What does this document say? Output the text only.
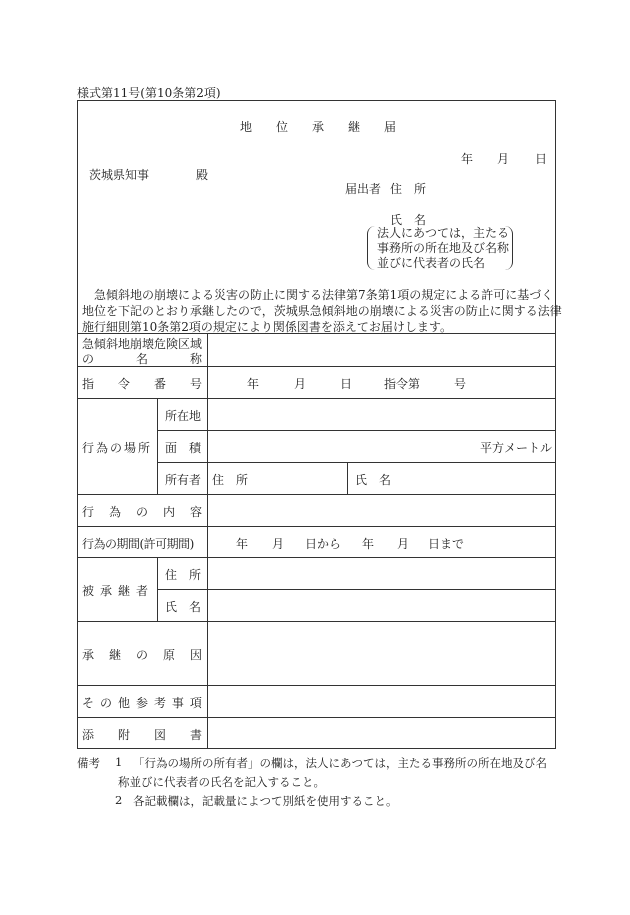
様式第11号(第10条第2項)
地　　位　　承　　継　　届
年 月 日
茨城県知事	殿
届出者 住　所
氏　名
法人にあつては，主たる
事務所の所在地及び名称
並びに代表者の氏名
　急傾斜地の崩壊による災害の防止に関する法律第7条第1項の規定による許可に基づく
地位を下記のとおり承継したので，茨城県急傾斜地の崩壊による災害の防止に関する法律
施行細則第10条第2項の規定により関係図書を添えてお届けします。
急傾斜地崩壊危険区域
の	名	称
指 令 番 号	年	月	日	指令第	号
行為の場所
所在地
面　積	平方メートル
所有者 住　所	氏　名
行 為 の 内 容
行為の期間(許可期間)	年 月 日から 年 月 日まで
被承継者
住　所
氏　名
承 継 の 原 因
そ の 他 参 考 事 項
添 附 図 書
備考 1 「行為の場所の所有者」の欄は，法人にあつては，主たる事務所の所在地及び名
称並びに代表者の氏名を記入すること。
2 各記載欄は，記載量によつて別紙を使用すること。
